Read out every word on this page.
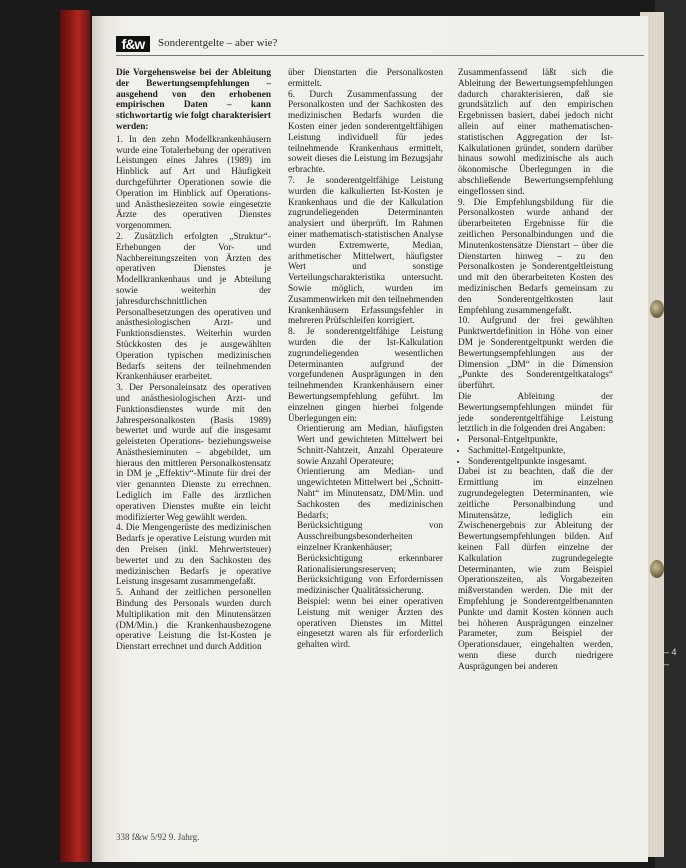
– 4 –
f&w	Sonderentgelte – aber wie?

Die Vorgehensweise bei der Ableitung der Bewertungsempfehlungen – ausgehend von den erhobenen empirischen Daten – kann stichwortartig wie folgt charakterisiert werden:

1. In den zehn Modellkrankenhäusern wurde eine Totalerhebung der operativen Leistungen eines Jahres (1989) im Hinblick auf Art und Häufigkeit durchgeführter Operationen sowie die Operation im Hinblick auf Operations- und Anästhesiezeiten sowie eingesetzte Ärzte des operativen Dienstes vorgenommen.

2. Zusätzlich erfolgten „Struktur“-Erhebungen der Vor- und Nachbereitungszeiten von Ärzten des operativen Dienstes je Modellkrankenhaus und je Abteilung sowie weiterhin der jahresdurchschnittlichen Personalbesetzungen des operativen und anästhesiologischen Arzt- und Funktionsdienstes. Weiterhin wurden Stückkosten des je ausgewählten Operation typischen medizinischen Bedarfs seitens der teilnehmenden Krankenhäuser erarbeitet.

3. Der Personaleinsatz des operativen und anästhesiologischen Arzt- und Funktionsdienstes wurde mit den Jahrespersonalkosten (Basis 1989) bewertet und wurde auf die insgesamt geleisteten Operations- beziehungsweise Anästhesieminuten – abgebildet, um hieraus den mittleren Personalkostensatz in DM je „Effektiv“-Minute für drei der vier genannten Dienste zu errechnen. Lediglich im Falle des ärztlichen operativen Dienstes mußte ein leicht modifizierter Weg gewählt werden.

4. Die Mengengerüste des medizinischen Bedarfs je operative Leistung wurden mit den Preisen (inkl. Mehrwertsteuer) bewertet und zu den Sachkosten des medizinischen Bedarfs je operative Leistung insgesamt zusammengefaßt.

5. Anhand der zeitlichen personellen Bindung des Personals wurden durch Multiplikation mit den Minutensätzen (DM/Min.) die Krankenhausbezogene operative Leistung die Ist-Kosten je Dienstart errechnet und durch Addition

über Dienstarten die Personalkosten ermittelt.

6. Durch Zusammenfassung der Personalkosten und der Sachkosten des medizinischen Bedarfs wurden die Kosten einer jeden sonderentgeltfähigen Leistung individuell für jedes teilnehmende Krankenhaus ermittelt, soweit dieses die Leistung im Bezugsjahr erbrachte.

7. Je sonderentgeltfähige Leistung wurden die kalkulierten Ist-Kosten je Krankenhaus und die der Kalkulation zugrundeliegenden Determinanten analysiert und überprüft. Im Rahmen einer mathematisch-statistischen Analyse wurden Extremwerte, Median, arithmetischer Mittelwert, häufigster Wert und sonstige Verteilungscharakteristika untersucht. Sowie möglich, wurden im Zusammenwirken mit den teilnehmenden Krankenhäusern Erfassungsfehler in mehreren Prüfschleifen korrigiert.

8. Je sonderentgeltfähige Leistung wurden die der Ist-Kalkulation zugrundeliegenden wesentlichen Determinanten aufgrund der vorgefundenen Ausprägungen in den teilnehmenden Krankenhäusern einer Bewertungsempfehlung geführt. Im einzelnen gingen hierbei folgende Überlegungen ein:

Orientierung am Median, häufigsten Wert und gewichteten Mittelwert bei Schnitt-Nahtzeit, Anzahl Operateure sowie Anzahl Operateure;

Orientierung am Median- und ungewichteten Mittelwert bei „Schnitt-Naht“ im Minutensatz, DM/Min. und Sachkosten des medizinischen Bedarfs;

Berücksichtigung von Ausschreibungsbesonderheiten einzelner Krankenhäuser;

Berücksichtigung erkennbarer Rationalisierungsreserven;

Berücksichtigung von Erfordernissen medizinischer Qualitätssicherung.

Beispiel: wenn bei einer operativen Leistung mit weniger Ärzten des operativen Dienstes im Mittel eingesetzt waren als für erforderlich gehalten wird.

Zusammenfassend läßt sich die Ableitung der Bewertungsempfehlungen dadurch charakterisieren, daß sie grundsätzlich auf den empirischen Ergebnissen basiert, dabei jedoch nicht allein auf einer mathematischen-statistischen Aggregation der Ist-Kalkulationen gründet, sondern darüber hinaus sowohl medizinische als auch ökonomische Überlegungen in die abschließende Bewertungsempfehlung eingeflossen sind.

9. Die Empfehlungsbildung für die Personalkosten wurde anhand der überarbeiteten Ergebnisse für die zeitlichen Personalbindungen und die Minutenkostensätze Dienstart – über die Dienstarten hinweg – zu den Personalkosten je Sonderentgeltleistung und mit den überarbeiteten Kosten des medizinischen Bedarfs gemeinsam zu den Sonderentgeltkosten laut Empfehlung zusammengefaßt.

10. Aufgrund der frei gewählten Punktwertdefinition in Höhe von einer DM je Sonderentgeltpunkt werden die Bewertungsempfehlungen aus der Dimension „DM“ in die Dimension „Punkte des Sonderentgeltkatalogs“ überführt.

Die Ableitung der Bewertungsempfehlungen mündet für jede sonderentgeltfähige Leistung letztlich in die folgenden drei Angaben:

• Personal-Entgeltpunkte,
• Sachmittel-Entgeltpunkte,
• Sonderentgeltpunkte insgesamt.

Dabei ist zu beachten, daß die der Ermittlung im einzelnen zugrundegelegten Determinanten, wie zeitliche Personalbindung und Minutensätze, lediglich ein Zwischenergebnis zur Ableitung der Bewertungsempfehlungen bilden. Auf keinen Fall dürfen einzelne der Kalkulation zugrundegelegte Determinanten, wie zum Beispiel Operationszeiten, als Vorgabezeiten mißverstanden werden. Die mit der Empfehlung je Sonderentgeltbenannten Punkte und damit Kosten können auch bei höheren Ausprägungen einzelner Parameter, zum Beispiel der Operationsdauer, eingehalten werden, wenn diese durch niedrigere Ausprägungen bei anderen

338 f&w 5/92 9. Jahrg.
